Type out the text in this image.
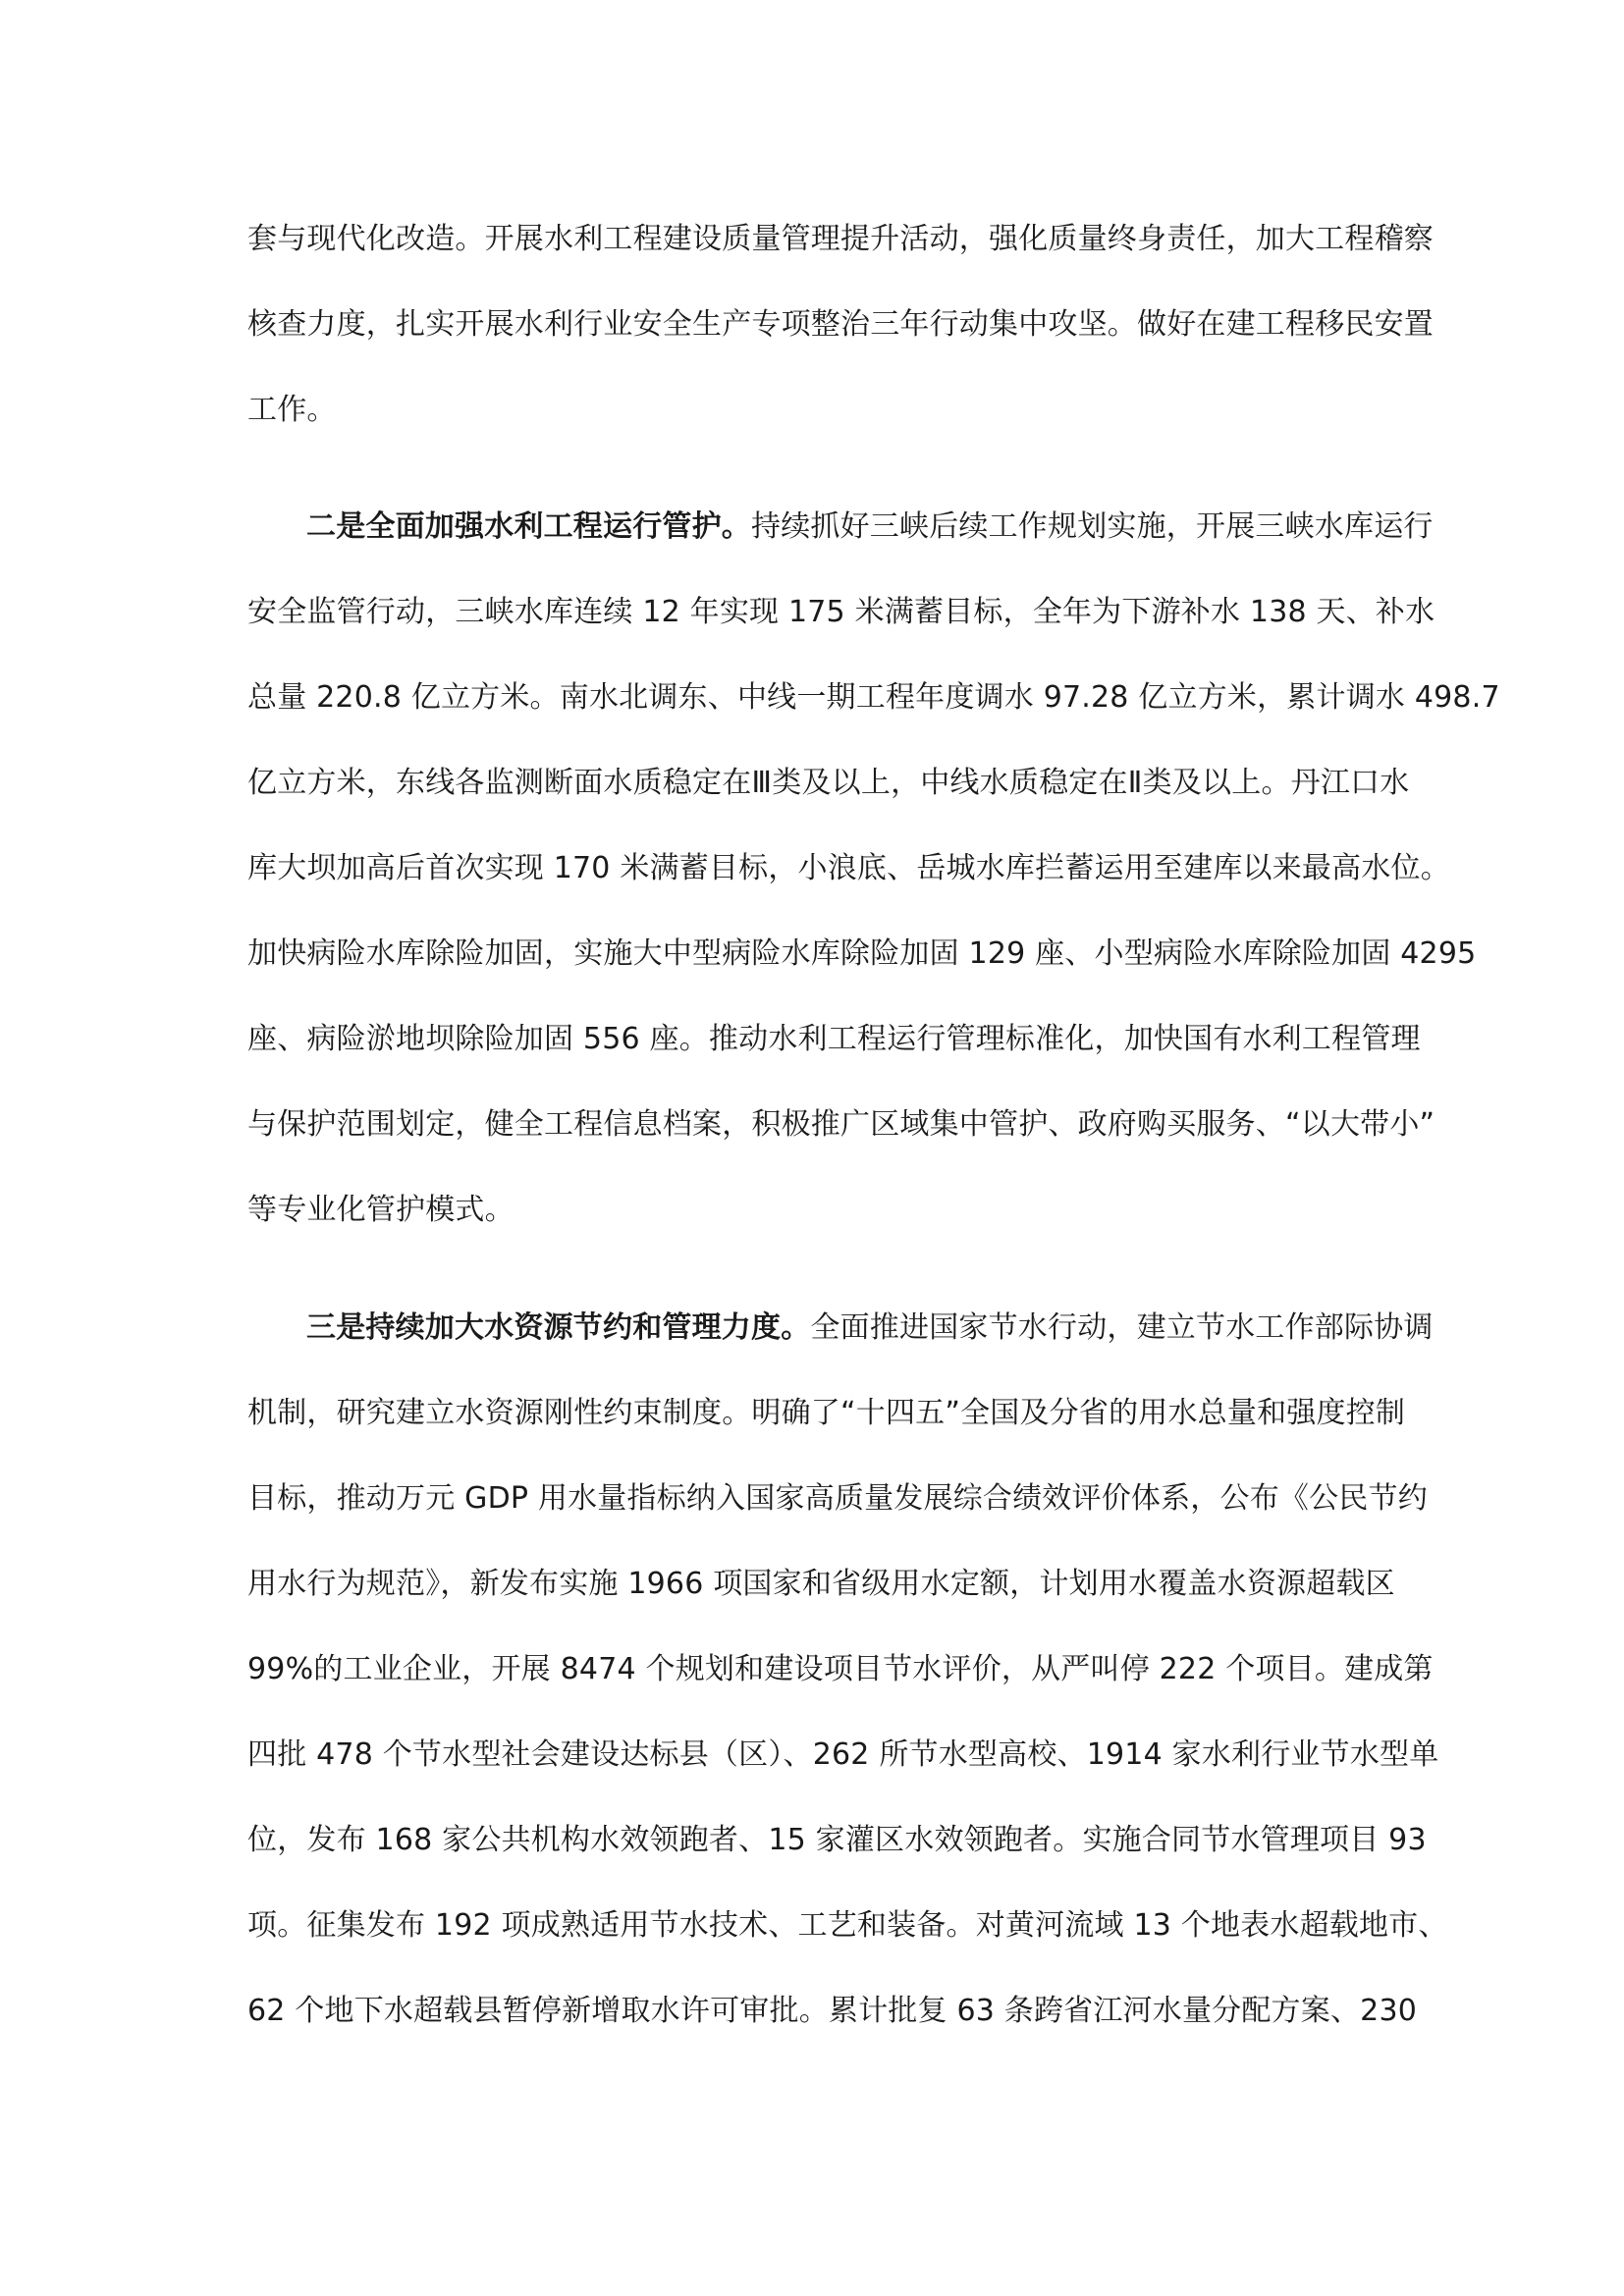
套与现代化改造。开展水利工程建设质量管理提升活动，强化质量终身责任，加大工程稽察
核查力度，扎实开展水利行业安全生产专项整治三年行动集中攻坚。做好在建工程移民安置
工作。
二是全面加强水利工程运行管护。持续抓好三峡后续工作规划实施，开展三峡水库运行
安全监管行动，三峡水库连续 12 年实现 175 米满蓄目标，全年为下游补水 138 天、补水
总量 220.8 亿立方米。南水北调东、中线一期工程年度调水 97.28 亿立方米，累计调水 498.7
亿立方米，东线各监测断面水质稳定在Ⅲ类及以上，中线水质稳定在Ⅱ类及以上。丹江口水
库大坝加高后首次实现 170 米满蓄目标，小浪底、岳城水库拦蓄运用至建库以来最高水位。
加快病险水库除险加固，实施大中型病险水库除险加固 129 座、小型病险水库除险加固 4295
座、病险淤地坝除险加固 556 座。推动水利工程运行管理标准化，加快国有水利工程管理
与保护范围划定，健全工程信息档案，积极推广区域集中管护、政府购买服务、“以大带小”
等专业化管护模式。
三是持续加大水资源节约和管理力度。全面推进国家节水行动，建立节水工作部际协调
机制，研究建立水资源刚性约束制度。明确了“十四五”全国及分省的用水总量和强度控制
目标，推动万元 GDP 用水量指标纳入国家高质量发展综合绩效评价体系，公布《公民节约
用水行为规范》，新发布实施 1966 项国家和省级用水定额，计划用水覆盖水资源超载区
99%的工业企业，开展 8474 个规划和建设项目节水评价，从严叫停 222 个项目。建成第
四批 478 个节水型社会建设达标县（区）、262 所节水型高校、1914 家水利行业节水型单
位，发布 168 家公共机构水效领跑者、15 家灌区水效领跑者。实施合同节水管理项目 93
项。征集发布 192 项成熟适用节水技术、工艺和装备。对黄河流域 13 个地表水超载地市、
62 个地下水超载县暂停新增取水许可审批。累计批复 63 条跨省江河水量分配方案、230
